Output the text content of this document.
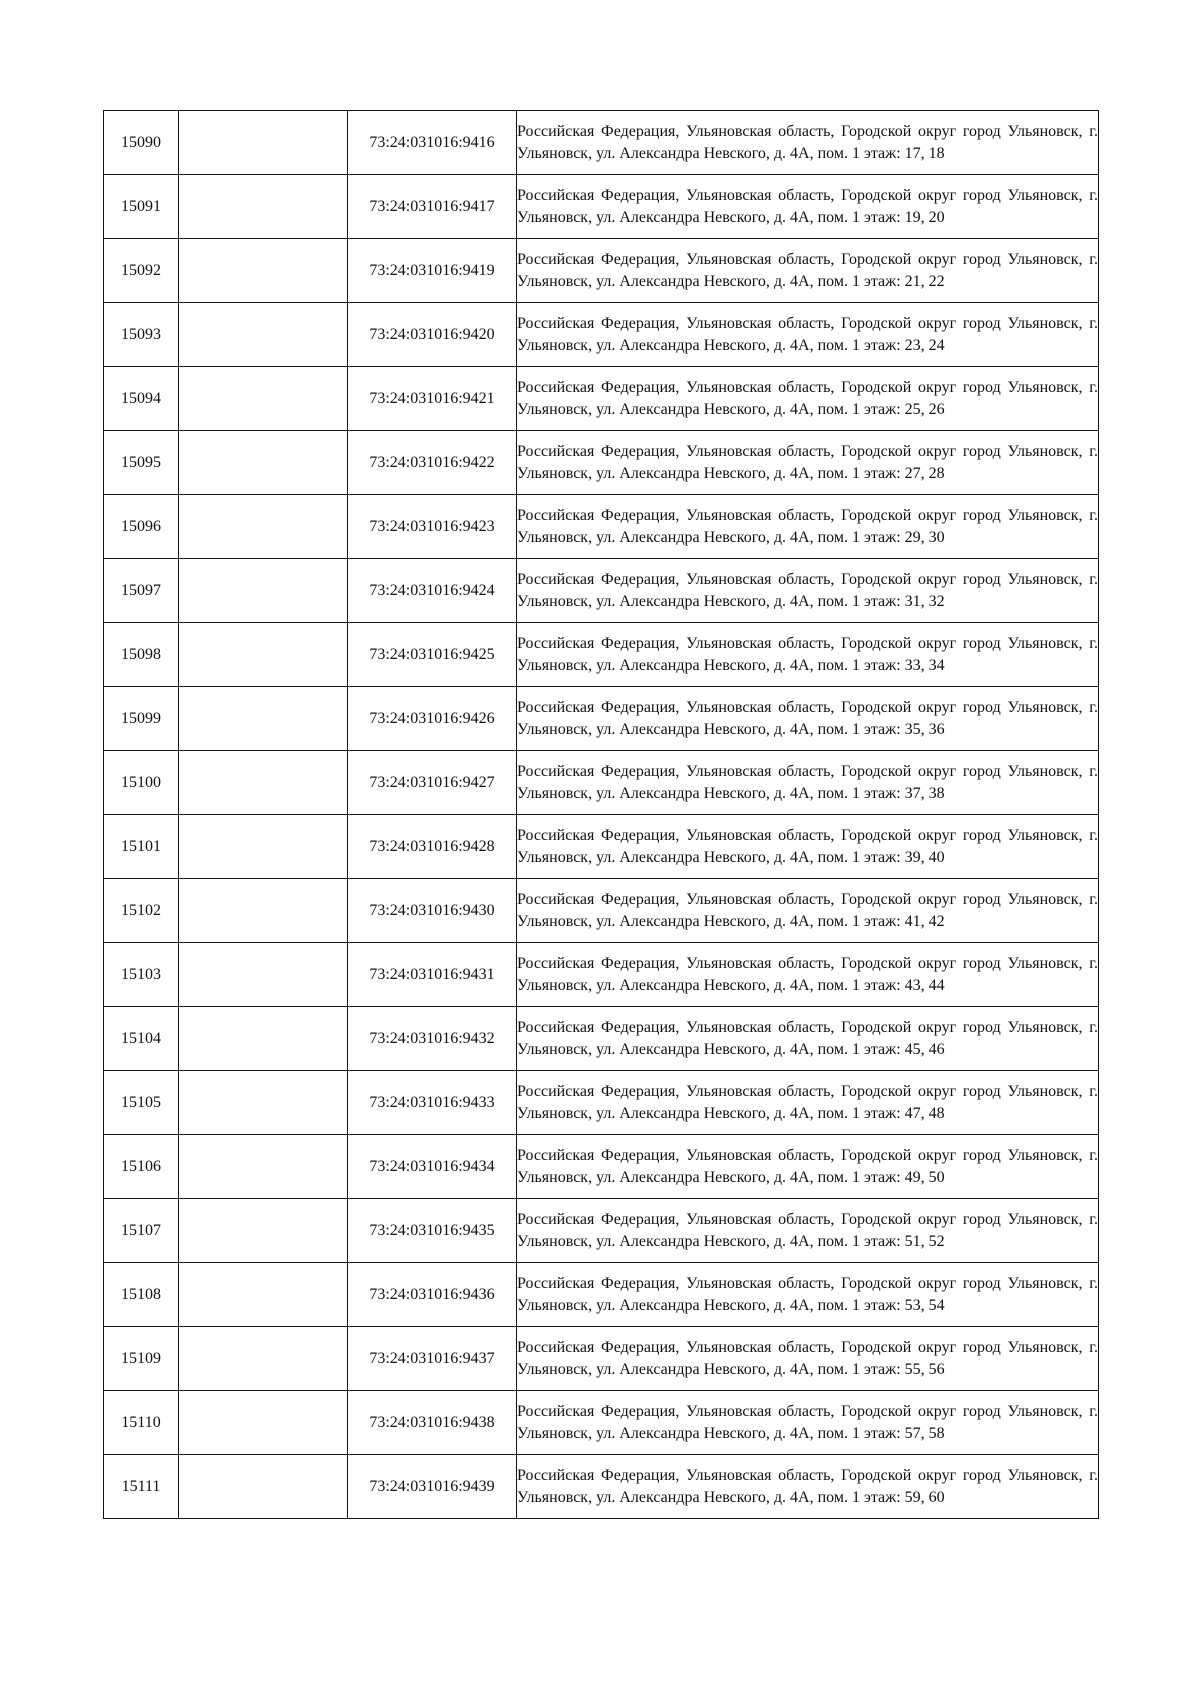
15090		73:24:031016:9416	Российская Федерация, Ульяновская область, Городской округ город Ульяновск, г. Ульяновск, ул. Александра Невского, д. 4А, пом. 1 этаж: 17, 18
15091		73:24:031016:9417	Российская Федерация, Ульяновская область, Городской округ город Ульяновск, г. Ульяновск, ул. Александра Невского, д. 4А, пом. 1 этаж: 19, 20
15092		73:24:031016:9419	Российская Федерация, Ульяновская область, Городской округ город Ульяновск, г. Ульяновск, ул. Александра Невского, д. 4А, пом. 1 этаж: 21, 22
15093		73:24:031016:9420	Российская Федерация, Ульяновская область, Городской округ город Ульяновск, г. Ульяновск, ул. Александра Невского, д. 4А, пом. 1 этаж: 23, 24
15094		73:24:031016:9421	Российская Федерация, Ульяновская область, Городской округ город Ульяновск, г. Ульяновск, ул. Александра Невского, д. 4А, пом. 1 этаж: 25, 26
15095		73:24:031016:9422	Российская Федерация, Ульяновская область, Городской округ город Ульяновск, г. Ульяновск, ул. Александра Невского, д. 4А, пом. 1 этаж: 27, 28
15096		73:24:031016:9423	Российская Федерация, Ульяновская область, Городской округ город Ульяновск, г. Ульяновск, ул. Александра Невского, д. 4А, пом. 1 этаж: 29, 30
15097		73:24:031016:9424	Российская Федерация, Ульяновская область, Городской округ город Ульяновск, г. Ульяновск, ул. Александра Невского, д. 4А, пом. 1 этаж: 31, 32
15098		73:24:031016:9425	Российская Федерация, Ульяновская область, Городской округ город Ульяновск, г. Ульяновск, ул. Александра Невского, д. 4А, пом. 1 этаж: 33, 34
15099		73:24:031016:9426	Российская Федерация, Ульяновская область, Городской округ город Ульяновск, г. Ульяновск, ул. Александра Невского, д. 4А, пом. 1 этаж: 35, 36
15100		73:24:031016:9427	Российская Федерация, Ульяновская область, Городской округ город Ульяновск, г. Ульяновск, ул. Александра Невского, д. 4А, пом. 1 этаж: 37, 38
15101		73:24:031016:9428	Российская Федерация, Ульяновская область, Городской округ город Ульяновск, г. Ульяновск, ул. Александра Невского, д. 4А, пом. 1 этаж: 39, 40
15102		73:24:031016:9430	Российская Федерация, Ульяновская область, Городской округ город Ульяновск, г. Ульяновск, ул. Александра Невского, д. 4А, пом. 1 этаж: 41, 42
15103		73:24:031016:9431	Российская Федерация, Ульяновская область, Городской округ город Ульяновск, г. Ульяновск, ул. Александра Невского, д. 4А, пом. 1 этаж: 43, 44
15104		73:24:031016:9432	Российская Федерация, Ульяновская область, Городской округ город Ульяновск, г. Ульяновск, ул. Александра Невского, д. 4А, пом. 1 этаж: 45, 46
15105		73:24:031016:9433	Российская Федерация, Ульяновская область, Городской округ город Ульяновск, г. Ульяновск, ул. Александра Невского, д. 4А, пом. 1 этаж: 47, 48
15106		73:24:031016:9434	Российская Федерация, Ульяновская область, Городской округ город Ульяновск, г. Ульяновск, ул. Александра Невского, д. 4А, пом. 1 этаж: 49, 50
15107		73:24:031016:9435	Российская Федерация, Ульяновская область, Городской округ город Ульяновск, г. Ульяновск, ул. Александра Невского, д. 4А, пом. 1 этаж: 51, 52
15108		73:24:031016:9436	Российская Федерация, Ульяновская область, Городской округ город Ульяновск, г. Ульяновск, ул. Александра Невского, д. 4А, пом. 1 этаж: 53, 54
15109		73:24:031016:9437	Российская Федерация, Ульяновская область, Городской округ город Ульяновск, г. Ульяновск, ул. Александра Невского, д. 4А, пом. 1 этаж: 55, 56
15110		73:24:031016:9438	Российская Федерация, Ульяновская область, Городской округ город Ульяновск, г. Ульяновск, ул. Александра Невского, д. 4А, пом. 1 этаж: 57, 58
15111		73:24:031016:9439	Российская Федерация, Ульяновская область, Городской округ город Ульяновск, г. Ульяновск, ул. Александра Невского, д. 4А, пом. 1 этаж: 59, 60
